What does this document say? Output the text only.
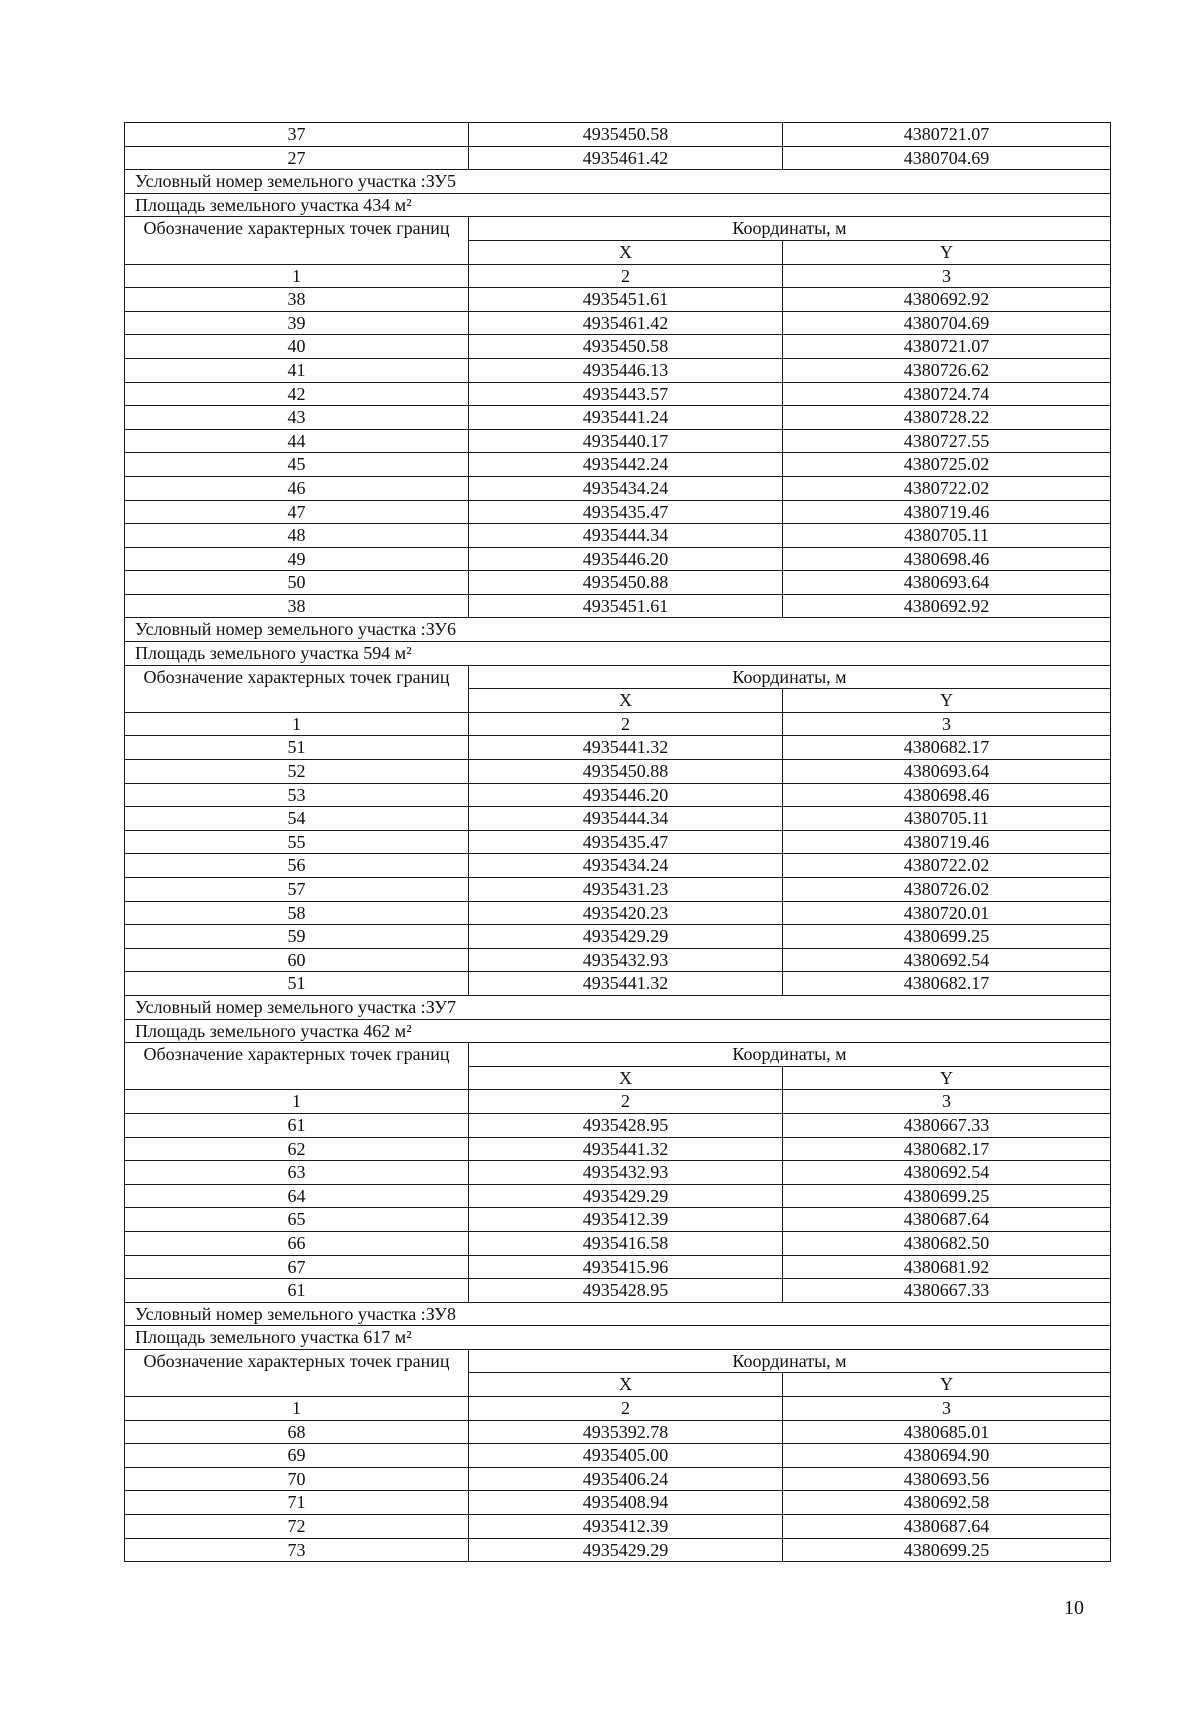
37	4935450.58	4380721.07
27	4935461.42	4380704.69
Условный номер земельного участка :ЗУ5		
Площадь земельного участка 434 м²		
Обозначение характерных точек границ	Координаты, м	
	X	Y
1	2	3
38	4935451.61	4380692.92
39	4935461.42	4380704.69
40	4935450.58	4380721.07
41	4935446.13	4380726.62
42	4935443.57	4380724.74
43	4935441.24	4380728.22
44	4935440.17	4380727.55
45	4935442.24	4380725.02
46	4935434.24	4380722.02
47	4935435.47	4380719.46
48	4935444.34	4380705.11
49	4935446.20	4380698.46
50	4935450.88	4380693.64
38	4935451.61	4380692.92
Условный номер земельного участка :ЗУ6		
Площадь земельного участка 594 м²		
Обозначение характерных точек границ	Координаты, м	
	X	Y
1	2	3
51	4935441.32	4380682.17
52	4935450.88	4380693.64
53	4935446.20	4380698.46
54	4935444.34	4380705.11
55	4935435.47	4380719.46
56	4935434.24	4380722.02
57	4935431.23	4380726.02
58	4935420.23	4380720.01
59	4935429.29	4380699.25
60	4935432.93	4380692.54
51	4935441.32	4380682.17
Условный номер земельного участка :ЗУ7		
Площадь земельного участка 462 м²		
Обозначение характерных точек границ	Координаты, м	
	X	Y
1	2	3
61	4935428.95	4380667.33
62	4935441.32	4380682.17
63	4935432.93	4380692.54
64	4935429.29	4380699.25
65	4935412.39	4380687.64
66	4935416.58	4380682.50
67	4935415.96	4380681.92
61	4935428.95	4380667.33
Условный номер земельного участка :ЗУ8		
Площадь земельного участка 617 м²		
Обозначение характерных точек границ	Координаты, м	
	X	Y
1	2	3
68	4935392.78	4380685.01
69	4935405.00	4380694.90
70	4935406.24	4380693.56
71	4935408.94	4380692.58
72	4935412.39	4380687.64
73	4935429.29	4380699.25
10
